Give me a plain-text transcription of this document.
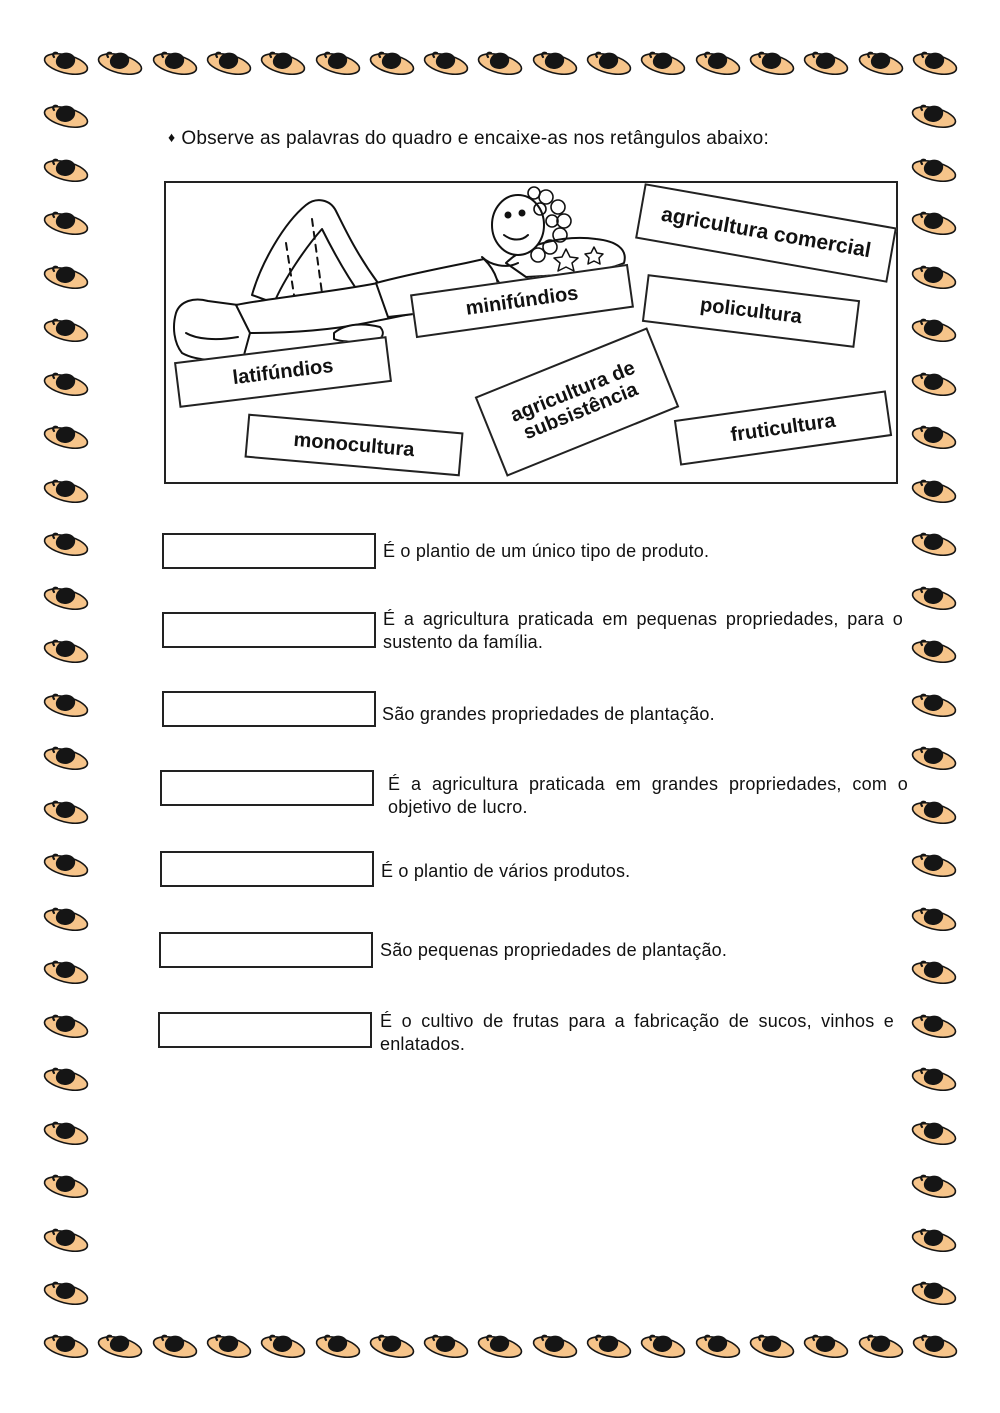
♦ Observe as palavras do quadro e encaixe-as nos retângulos abaixo:
agricultura comercial
minifúndios	policultura
latifúndios	agricultura de subsistência
monocultura	fruticultura
É o plantio de um único tipo de produto.
É a agricultura praticada em pequenas propriedades, para o sustento da família.
São grandes propriedades de plantação.
É a agricultura praticada em grandes propriedades, com o objetivo de lucro.
É o plantio de vários produtos.
São pequenas propriedades de plantação.
É o cultivo de frutas para a fabricação de sucos, vinhos e enlatados.
